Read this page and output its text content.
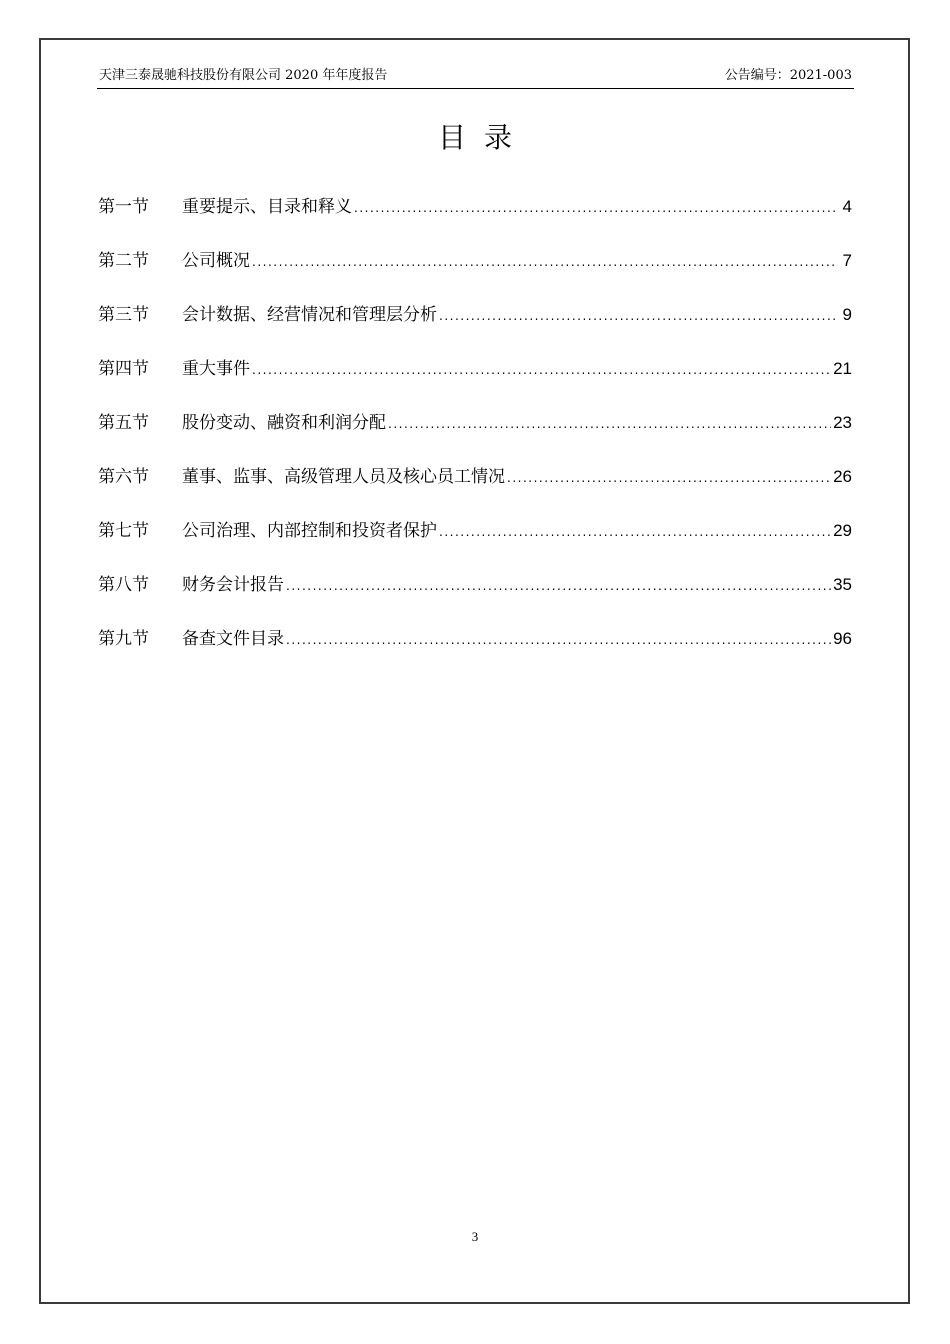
天津三泰晟驰科技股份有限公司 2020 年年度报告	公告编号：2021-003
目录
第一节	重要提示、目录和释义 .....	4
第二节	公司概况 .....	7
第三节	会计数据、经营情况和管理层分析 .....	9
第四节	重大事件 .....	21
第五节	股份变动、融资和利润分配 .....	23
第六节	董事、监事、高级管理人员及核心员工情况 .....	26
第七节	公司治理、内部控制和投资者保护 .....	29
第八节	财务会计报告 .....	35
第九节	备查文件目录 .....	96
3
